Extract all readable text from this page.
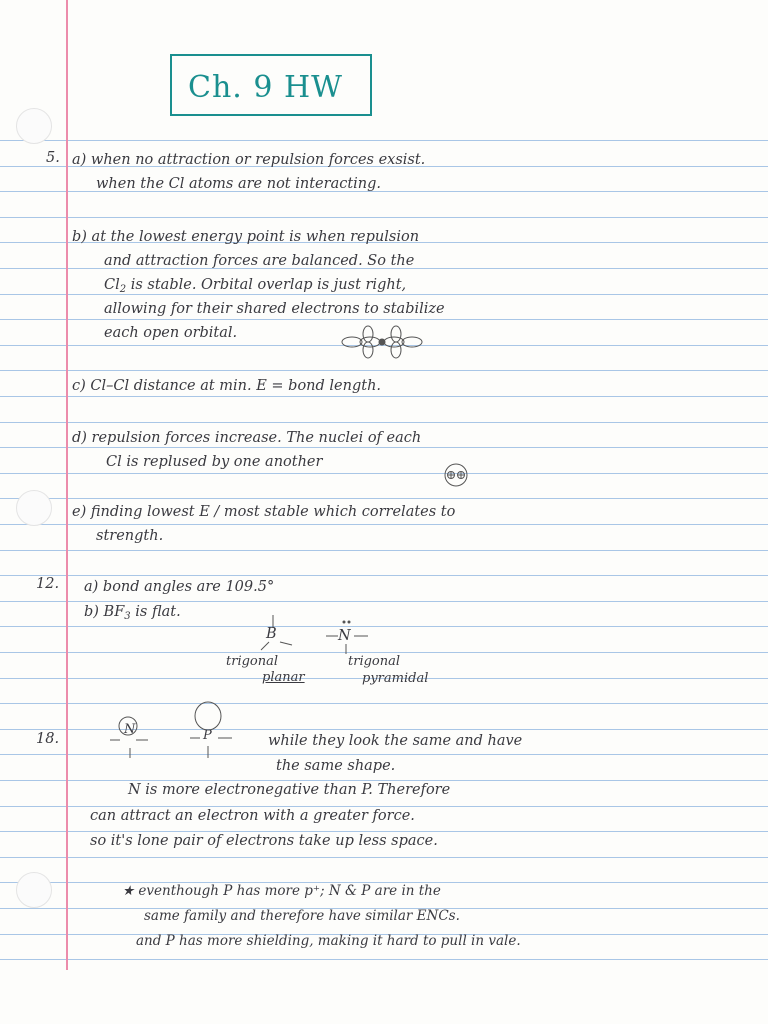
Ch. 9 HW
5. a) when no attraction or repulsion forces exsist.
when the Cl atoms are not interacting.
b) at the lowest energy point is when repulsion
and attraction forces are balanced. So the
$Cl_2$ is stable. Orbital overlap is just right,
allowing for their shared electrons to stabilize
each open orbital.
c) Cl–Cl distance at min. E = bond length.
d) repulsion forces increase. The nuclei of each
Cl is replused by one another
e) finding lowest E / most stable which correlates to
strength.
12. a) bond angles are 109.5°
b) $BF_3$ is flat.
B	N
trigonal
planar
trigonal
pyramidal
18.
N	P	while they look the same and have
the same shape.
N is more electronegative than P. Therefore
can attract an electron with a greater force.
so it's lone pair of electrons take up less space.
★ eventhough P has more p⁺; N & P are in the
same family and therefore have similar ENCs.
and P has more shielding, making it hard to pull in vale.
